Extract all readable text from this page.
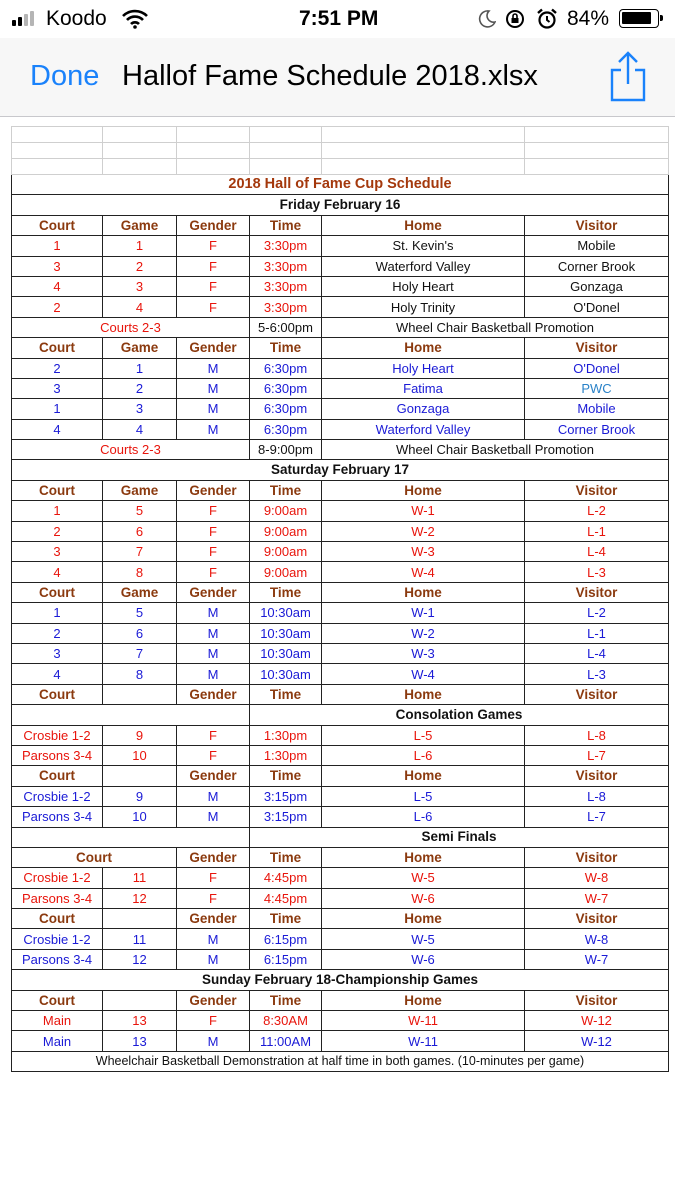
Koodo	7:51 PM	84%
Done Hallof Fame Schedule 2018.xlsx

2018 Hall of Fame Cup Schedule					
Friday February 16					
Court	Game	Gender	Time	Home	Visitor
1	1	F	3:30pm	St. Kevin's	Mobile
3	2	F	3:30pm	Waterford Valley	Corner Brook
4	3	F	3:30pm	Holy Heart	Gonzaga
2	4	F	3:30pm	Holy Trinity	O'Donel
Courts 2-3			5-6:00pm	Wheel Chair Basketball Promotion	
Court	Game	Gender	Time	Home	Visitor
2	1	M	6:30pm	Holy Heart	O'Donel
3	2	M	6:30pm	Fatima	PWC
1	3	M	6:30pm	Gonzaga	Mobile
4	4	M	6:30pm	Waterford Valley	Corner Brook
Courts 2-3			8-9:00pm	Wheel Chair Basketball Promotion	
Saturday February 17					
Court	Game	Gender	Time	Home	Visitor
1	5	F	9:00am	W-1	L-2
2	6	F	9:00am	W-2	L-1
3	7	F	9:00am	W-3	L-4
4	8	F	9:00am	W-4	L-3
Court	Game	Gender	Time	Home	Visitor
1	5	M	10:30am	W-1	L-2
2	6	M	10:30am	W-2	L-1
3	7	M	10:30am	W-3	L-4
4	8	M	10:30am	W-4	L-3
Court		Gender	Time	Home	Visitor
			Consolation Games		
Crosbie 1-2	9	F	1:30pm	L-5	L-8
Parsons 3-4	10	F	1:30pm	L-6	L-7
Court		Gender	Time	Home	Visitor
Crosbie 1-2	9	M	3:15pm	L-5	L-8
Parsons 3-4	10	M	3:15pm	L-6	L-7
			Semi Finals		
Court		Gender	Time	Home	Visitor
Crosbie 1-2	11	F	4:45pm	W-5	W-8
Parsons 3-4	12	F	4:45pm	W-6	W-7
Court		Gender	Time	Home	Visitor
Crosbie 1-2	11	M	6:15pm	W-5	W-8
Parsons 3-4	12	M	6:15pm	W-6	W-7
Sunday February 18-Championship Games					
Court		Gender	Time	Home	Visitor
Main	13	F	8:30AM	W-11	W-12
Main	13	M	11:00AM	W-11	W-12
Wheelchair Basketball Demonstration at half time in both games. (10-minutes per game)					
